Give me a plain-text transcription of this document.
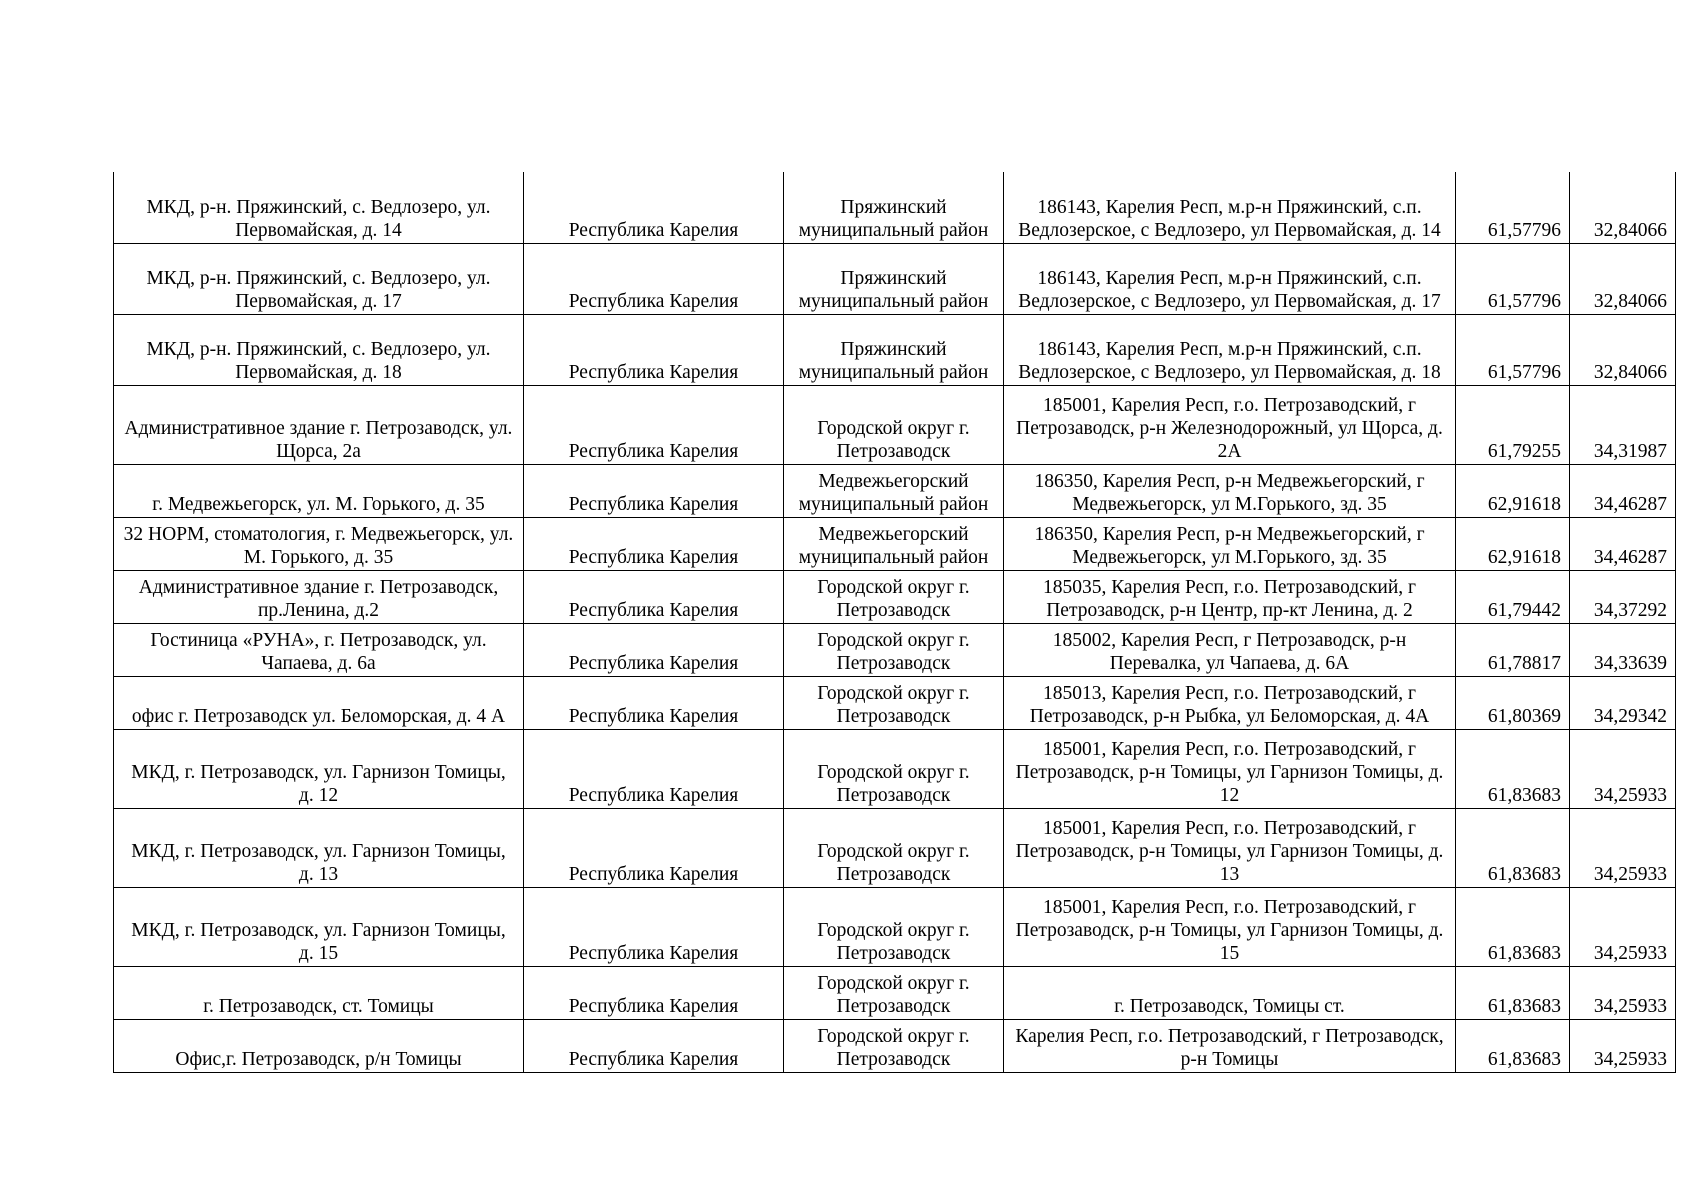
МКД, р-н. Пряжинский, с. Ведлозеро, ул. Первомайская, д. 14	Республика Карелия	Пряжинский муниципальный район	186143, Карелия Респ, м.р-н Пряжинский, с.п. Ведлозерское, с Ведлозеро, ул Первомайская, д. 14	61,57796	32,84066
МКД, р-н. Пряжинский, с. Ведлозеро, ул. Первомайская, д. 17	Республика Карелия	Пряжинский муниципальный район	186143, Карелия Респ, м.р-н Пряжинский, с.п. Ведлозерское, с Ведлозеро, ул Первомайская, д. 17	61,57796	32,84066
МКД, р-н. Пряжинский, с. Ведлозеро, ул. Первомайская, д. 18	Республика Карелия	Пряжинский муниципальный район	186143, Карелия Респ, м.р-н Пряжинский, с.п. Ведлозерское, с Ведлозеро, ул Первомайская, д. 18	61,57796	32,84066
Административное здание г. Петрозаводск, ул. Щорса, 2а	Республика Карелия	Городской округ г. Петрозаводск	185001, Карелия Респ, г.о. Петрозаводский, г Петрозаводск, р-н Железнодорожный, ул Щорса, д. 2А	61,79255	34,31987
г. Медвежьегорск, ул. М. Горького, д. 35	Республика Карелия	Медвежьегорский муниципальный район	186350, Карелия Респ, р-н Медвежьегорский, г Медвежьегорск, ул М.Горького, зд. 35	62,91618	34,46287
32 НОРМ, стоматология, г. Медвежьегорск, ул. М. Горького, д. 35	Республика Карелия	Медвежьегорский муниципальный район	186350, Карелия Респ, р-н Медвежьегорский, г Медвежьегорск, ул М.Горького, зд. 35	62,91618	34,46287
Административное здание г. Петрозаводск, пр.Ленина, д.2	Республика Карелия	Городской округ г. Петрозаводск	185035, Карелия Респ, г.о. Петрозаводский, г Петрозаводск, р-н Центр, пр-кт Ленина, д. 2	61,79442	34,37292
Гостиница «РУНА», г. Петрозаводск, ул. Чапаева, д. 6а	Республика Карелия	Городской округ г. Петрозаводск	185002, Карелия Респ, г Петрозаводск, р-н Перевалка, ул Чапаева, д. 6А	61,78817	34,33639
офис г. Петрозаводск ул. Беломорская, д. 4 А	Республика Карелия	Городской округ г. Петрозаводск	185013, Карелия Респ, г.о. Петрозаводский, г Петрозаводск, р-н Рыбка, ул Беломорская, д. 4А	61,80369	34,29342
МКД, г. Петрозаводск, ул. Гарнизон Томицы, д. 12	Республика Карелия	Городской округ г. Петрозаводск	185001, Карелия Респ, г.о. Петрозаводский, г Петрозаводск, р-н Томицы, ул Гарнизон Томицы, д. 12	61,83683	34,25933
МКД, г. Петрозаводск, ул. Гарнизон Томицы, д. 13	Республика Карелия	Городской округ г. Петрозаводск	185001, Карелия Респ, г.о. Петрозаводский, г Петрозаводск, р-н Томицы, ул Гарнизон Томицы, д. 13	61,83683	34,25933
МКД, г. Петрозаводск, ул. Гарнизон Томицы, д. 15	Республика Карелия	Городской округ г. Петрозаводск	185001, Карелия Респ, г.о. Петрозаводский, г Петрозаводск, р-н Томицы, ул Гарнизон Томицы, д. 15	61,83683	34,25933
г. Петрозаводск, ст. Томицы	Республика Карелия	Городской округ г. Петрозаводск	г. Петрозаводск, Томицы ст.	61,83683	34,25933
Офис,г. Петрозаводск, р/н Томицы	Республика Карелия	Городской округ г. Петрозаводск	Карелия Респ, г.о. Петрозаводский, г Петрозаводск, р-н Томицы	61,83683	34,25933
